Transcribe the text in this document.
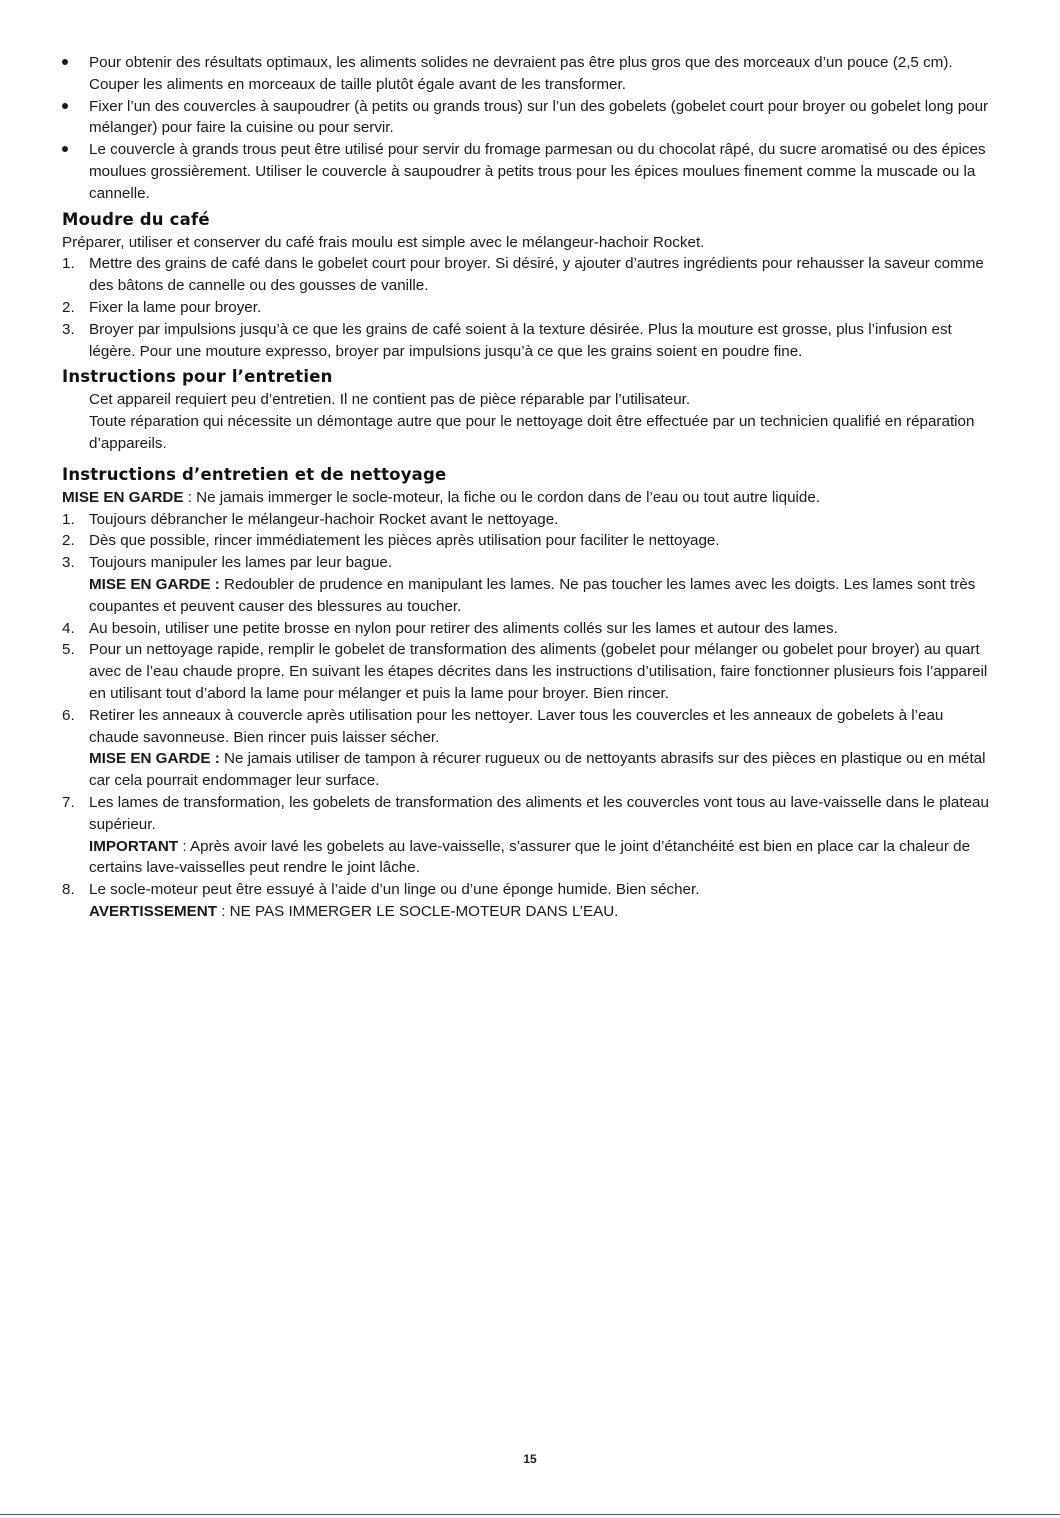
Pour obtenir des résultats optimaux, les aliments solides ne devraient pas être plus gros que des morceaux d’un pouce (2,5 cm). Couper les aliments en morceaux de taille plutôt égale avant de les transformer.
Fixer l’un des couvercles à saupoudrer (à petits ou grands trous) sur l’un des gobelets (gobelet court pour broyer ou gobelet long pour mélanger) pour faire la cuisine ou pour servir.
Le couvercle à grands trous peut être utilisé pour servir du fromage parmesan ou du chocolat râpé, du sucre aromatisé ou des épices moulues grossièrement. Utiliser le couvercle à saupoudrer à petits trous pour les épices moulues finement comme la muscade ou la cannelle.
Moudre du café
Préparer, utiliser et conserver du café frais moulu est simple avec le mélangeur-hachoir Rocket.
1. Mettre des grains de café dans le gobelet court pour broyer. Si désiré, y ajouter d’autres ingrédients pour rehausser la saveur comme des bâtons de cannelle ou des gousses de vanille.
2. Fixer la lame pour broyer.
3. Broyer par impulsions jusqu’à ce que les grains de café soient à la texture désirée. Plus la mouture est grosse, plus l’infusion est légère. Pour une mouture expresso, broyer par impulsions jusqu’à ce que les grains soient en poudre fine.
Instructions pour l’entretien
Cet appareil requiert peu d’entretien. Il ne contient pas de pièce réparable par l’utilisateur.
Toute réparation qui nécessite un démontage autre que pour le nettoyage doit être effectuée par un technicien qualifié en réparation d’appareils.
Instructions d’entretien et de nettoyage
MISE EN GARDE : Ne jamais immerger le socle-moteur, la fiche ou le cordon dans de l’eau ou tout autre liquide.
1. Toujours débrancher le mélangeur-hachoir Rocket avant le nettoyage.
2. Dès que possible, rincer immédiatement les pièces après utilisation pour faciliter le nettoyage.
3. Toujours manipuler les lames par leur bague.
MISE EN GARDE : Redoubler de prudence en manipulant les lames. Ne pas toucher les lames avec les doigts. Les lames sont très coupantes et peuvent causer des blessures au toucher.
4. Au besoin, utiliser une petite brosse en nylon pour retirer des aliments collés sur les lames et autour des lames.
5. Pour un nettoyage rapide, remplir le gobelet de transformation des aliments (gobelet pour mélanger ou gobelet pour broyer) au quart avec de l’eau chaude propre. En suivant les étapes décrites dans les instructions d’utilisation, faire fonctionner plusieurs fois l’appareil en utilisant tout d’abord la lame pour mélanger et puis la lame pour broyer. Bien rincer.
6. Retirer les anneaux à couvercle après utilisation pour les nettoyer. Laver tous les couvercles et les anneaux de gobelets à l’eau chaude savonneuse. Bien rincer puis laisser sécher.
MISE EN GARDE : Ne jamais utiliser de tampon à récurer rugueux ou de nettoyants abrasifs sur des pièces en plastique ou en métal car cela pourrait endommager leur surface.
7. Les lames de transformation, les gobelets de transformation des aliments et les couvercles vont tous au lave-vaisselle dans le plateau supérieur.
IMPORTANT : Après avoir lavé les gobelets au lave-vaisselle, s’assurer que le joint d’étanchéité est bien en place car la chaleur de certains lave-vaisselles peut rendre le joint lâche.
8. Le socle-moteur peut être essuyé à l’aide d’un linge ou d’une éponge humide. Bien sécher.
AVERTISSEMENT : NE PAS IMMERGER LE SOCLE-MOTEUR DANS L’EAU.
15
